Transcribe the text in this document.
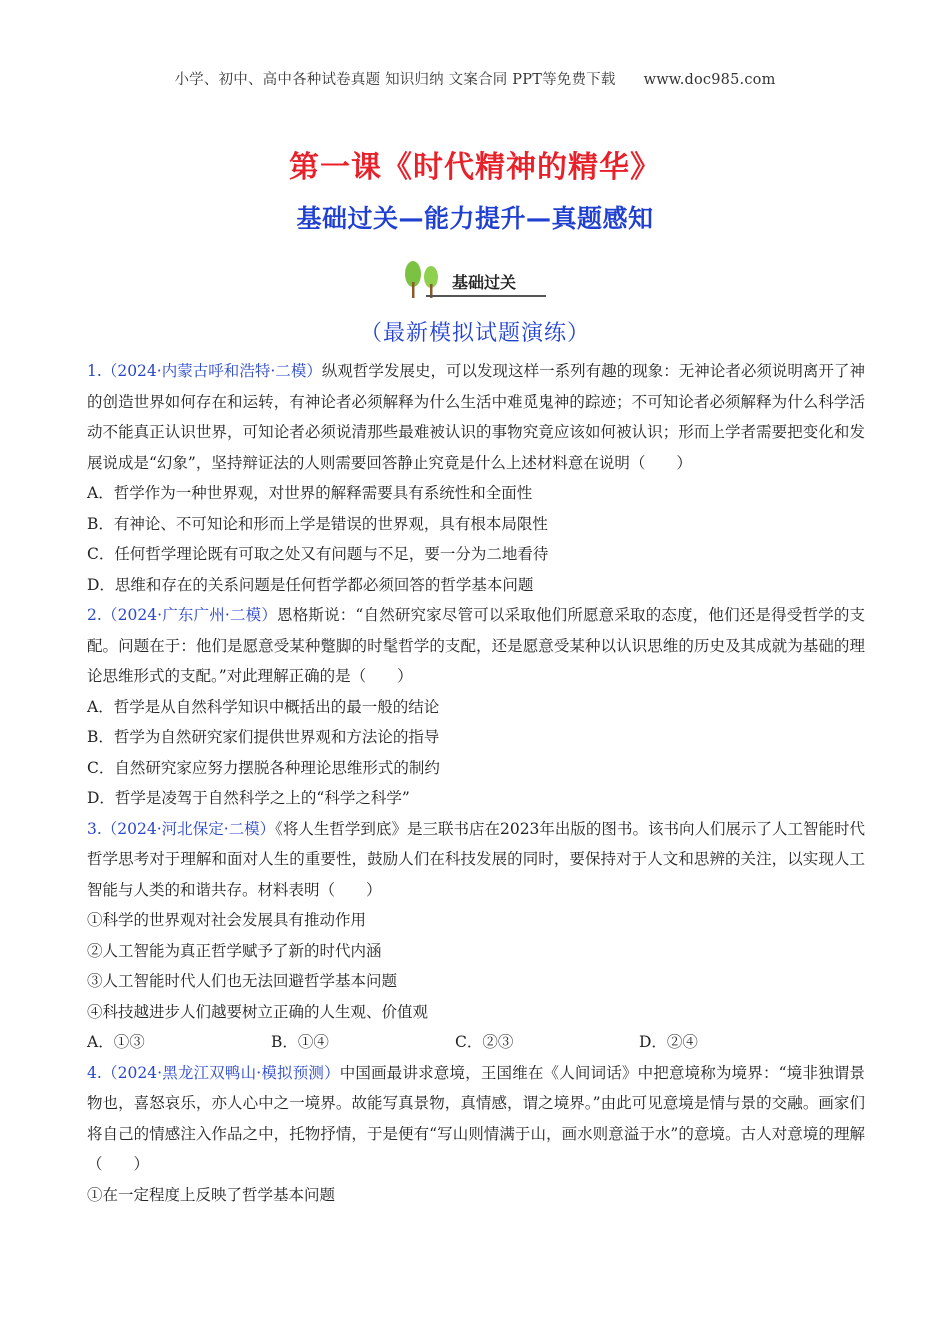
小学、初中、高中各种试卷真题 知识归纳 文案合同 PPT等免费下载 www.doc985.com
第一课《时代精神的精华》
基础过关—能力提升—真题感知
基础过关
（最新模拟试题演练）

1.（2024·内蒙古呼和浩特·二模）纵观哲学发展史，可以发现这样一系列有趣的现象：无神论者必须说明离开了神的创造世界如何存在和运转，有神论者必须解释为什么生活中难觅鬼神的踪迹；不可知论者必须解释为什么科学活动不能真正认识世界，可知论者必须说清那些最难被认识的事物究竟应该如何被认识；形而上学者需要把变化和发展说成是“幻象”，坚持辩证法的人则需要回答静止究竟是什么上述材料意在说明（　　）

A．哲学作为一种世界观，对世界的解释需要具有系统性和全面性

B．有神论、不可知论和形而上学是错误的世界观，具有根本局限性

C．任何哲学理论既有可取之处又有问题与不足，要一分为二地看待

D．思维和存在的关系问题是任何哲学都必须回答的哲学基本问题

2.（2024·广东广州·二模）恩格斯说：“自然研究家尽管可以采取他们所愿意采取的态度，他们还是得受哲学的支配。问题在于：他们是愿意受某种蹩脚的时髦哲学的支配，还是愿意受某种以认识思维的历史及其成就为基础的理论思维形式的支配。”对此理解正确的是（　　）

A．哲学是从自然科学知识中概括出的最一般的结论

B．哲学为自然研究家们提供世界观和方法论的指导

C．自然研究家应努力摆脱各种理论思维形式的制约

D．哲学是凌驾于自然科学之上的“科学之科学”

3.（2024·河北保定·二模）《将人生哲学到底》是三联书店在2023年出版的图书。该书向人们展示了人工智能时代哲学思考对于理解和面对人生的重要性，鼓励人们在科技发展的同时，要保持对于人文和思辨的关注，以实现人工智能与人类的和谐共存。材料表明（　　）

①科学的世界观对社会发展具有推动作用

②人工智能为真正哲学赋予了新的时代内涵

③人工智能时代人们也无法回避哲学基本问题

④科技越进步人们越要树立正确的人生观、价值观

A．①③	B．①④	C．②③	D．②④

4.（2024·黑龙江双鸭山·模拟预测）中国画最讲求意境，王国维在《人间词话》中把意境称为境界：“境非独谓景物也，喜怒哀乐，亦人心中之一境界。故能写真景物，真情感，谓之境界。”由此可见意境是情与景的交融。画家们将自己的情感注入作品之中，托物抒情，于是便有“写山则情满于山，画水则意溢于水”的意境。古人对意境的理解（　　）

①在一定程度上反映了哲学基本问题
